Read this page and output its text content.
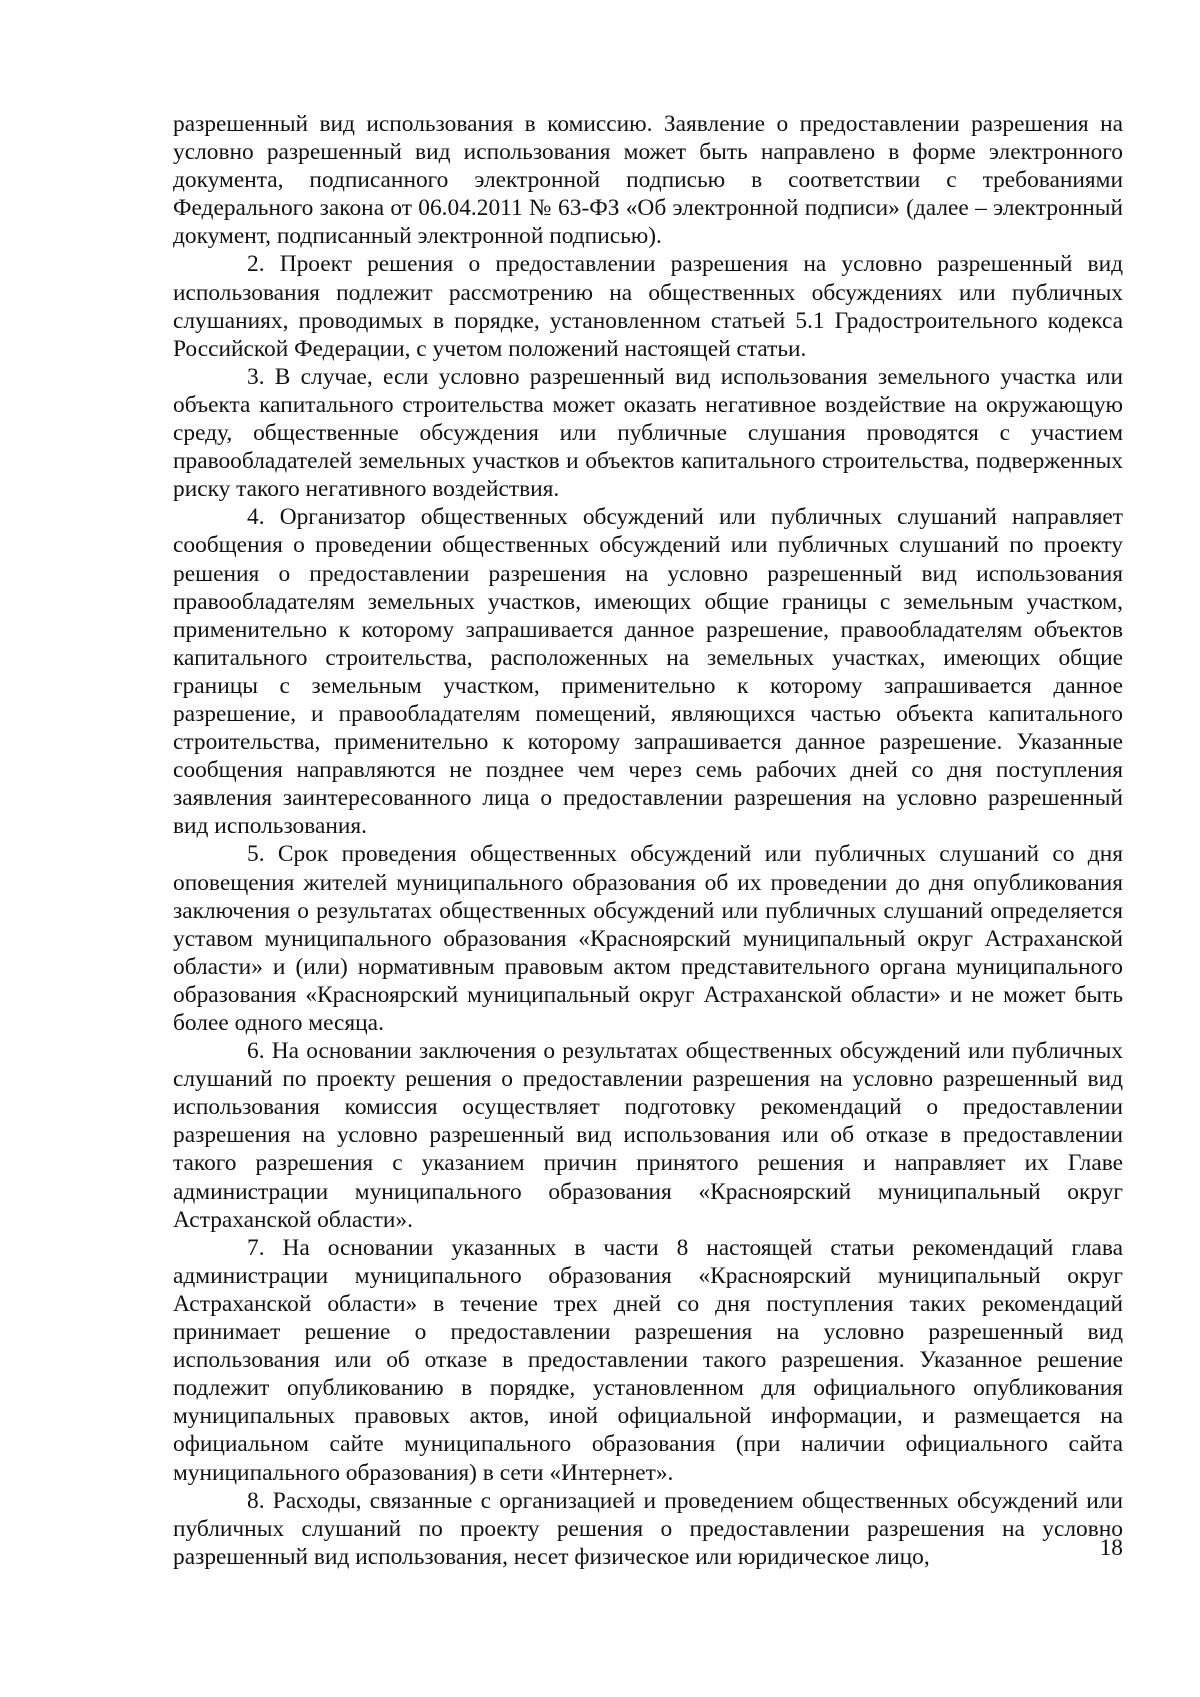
разрешенный вид использования в комиссию. Заявление о предоставлении разрешения на условно разрешенный вид использования может быть направлено в форме электронного документа, подписанного электронной подписью в соответствии с требованиями Федерального закона от 06.04.2011 № 63-ФЗ «Об электронной подписи» (далее – электронный документ, подписанный электронной подписью).

2. Проект решения о предоставлении разрешения на условно разрешенный вид использования подлежит рассмотрению на общественных обсуждениях или публичных слушаниях, проводимых в порядке, установленном статьей 5.1 Градостроительного кодекса Российской Федерации, с учетом положений настоящей статьи.

3. В случае, если условно разрешенный вид использования земельного участка или объекта капитального строительства может оказать негативное воздействие на окружающую среду, общественные обсуждения или публичные слушания проводятся с участием правообладателей земельных участков и объектов капитального строительства, подверженных риску такого негативного воздействия.

4. Организатор общественных обсуждений или публичных слушаний направляет сообщения о проведении общественных обсуждений или публичных слушаний по проекту решения о предоставлении разрешения на условно разрешенный вид использования правообладателям земельных участков, имеющих общие границы с земельным участком, применительно к которому запрашивается данное разрешение, правообладателям объектов капитального строительства, расположенных на земельных участках, имеющих общие границы с земельным участком, применительно к которому запрашивается данное разрешение, и правообладателям помещений, являющихся частью объекта капитального строительства, применительно к которому запрашивается данное разрешение. Указанные сообщения направляются не позднее чем через семь рабочих дней со дня поступления заявления заинтересованного лица о предоставлении разрешения на условно разрешенный вид использования.

5. Срок проведения общественных обсуждений или публичных слушаний со дня оповещения жителей муниципального образования об их проведении до дня опубликования заключения о результатах общественных обсуждений или публичных слушаний определяется уставом муниципального образования «Красноярский муниципальный округ Астраханской области» и (или) нормативным правовым актом представительного органа муниципального образования «Красноярский муниципальный округ Астраханской области» и не может быть более одного месяца.

6. На основании заключения о результатах общественных обсуждений или публичных слушаний по проекту решения о предоставлении разрешения на условно разрешенный вид использования комиссия осуществляет подготовку рекомендаций о предоставлении разрешения на условно разрешенный вид использования или об отказе в предоставлении такого разрешения с указанием причин принятого решения и направляет их Главе администрации муниципального образования «Красноярский муниципальный округ Астраханской области».

7. На основании указанных в части 8 настоящей статьи рекомендаций глава администрации муниципального образования «Красноярский муниципальный округ Астраханской области» в течение трех дней со дня поступления таких рекомендаций принимает решение о предоставлении разрешения на условно разрешенный вид использования или об отказе в предоставлении такого разрешения. Указанное решение подлежит опубликованию в порядке, установленном для официального опубликования муниципальных правовых актов, иной официальной информации, и размещается на официальном сайте муниципального образования (при наличии официального сайта муниципального образования) в сети «Интернет».

8. Расходы, связанные с организацией и проведением общественных обсуждений или публичных слушаний по проекту решения о предоставлении разрешения на условно разрешенный вид использования, несет физическое или юридическое лицо,	18
